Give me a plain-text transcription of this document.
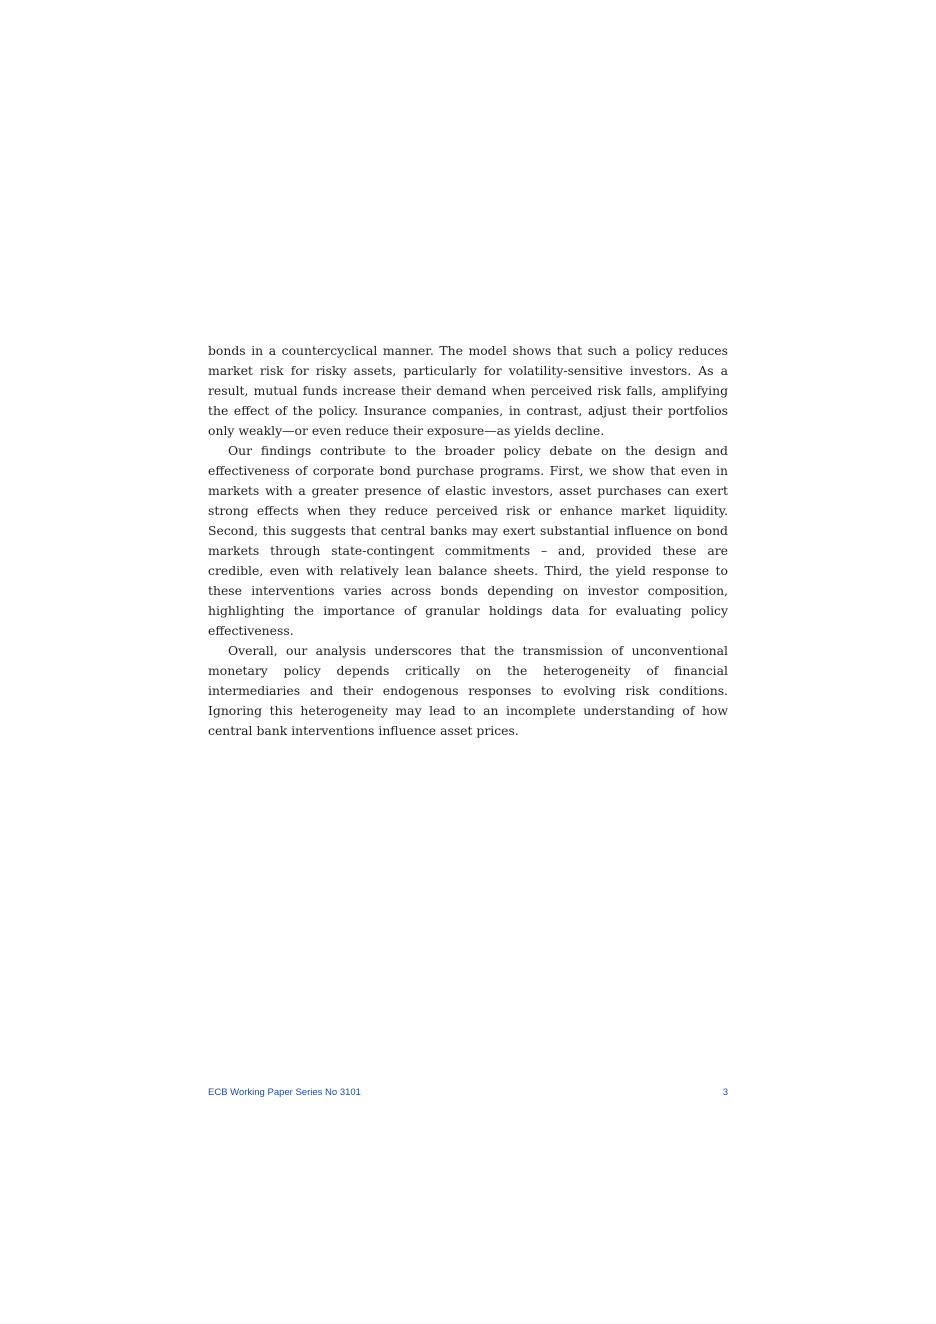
bonds in a countercyclical manner. The model shows that such a policy reduces market risk for risky assets, particularly for volatility-sensitive investors. As a result, mutual funds increase their demand when perceived risk falls, amplifying the effect of the policy. Insurance companies, in contrast, adjust their portfolios only weakly—or even reduce their exposure—as yields decline.

Our findings contribute to the broader policy debate on the design and effectiveness of corporate bond purchase programs. First, we show that even in markets with a greater presence of elastic investors, asset purchases can exert strong effects when they reduce perceived risk or enhance market liquidity. Second, this suggests that central banks may exert substantial influence on bond markets through state-contingent commitments – and, provided these are credible, even with relatively lean balance sheets. Third, the yield response to these interventions varies across bonds depending on investor composition, highlighting the importance of granular holdings data for evaluating policy effectiveness.

Overall, our analysis underscores that the transmission of unconventional monetary policy depends critically on the heterogeneity of financial intermediaries and their endogenous responses to evolving risk conditions. Ignoring this heterogeneity may lead to an incomplete understanding of how central bank interventions influence asset prices.

ECB Working Paper Series No 3101	3
